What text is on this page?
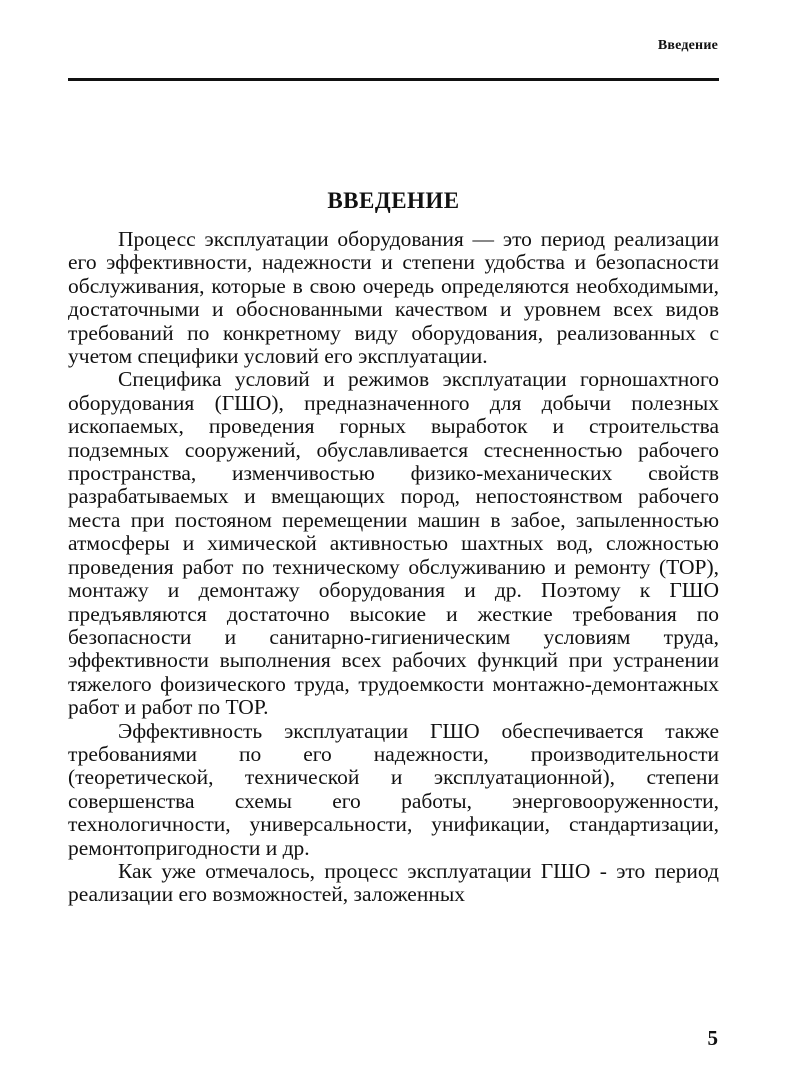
Введение
ВВЕДЕНИЕ

Процесс эксплуатации оборудования — это период реализации его эффективности, надежности и степени удобства и безопасности обслуживания, которые в свою очередь определяются необходимыми, достаточными и обоснованными качеством и уровнем всех видов требований по конкретному виду оборудования, реализованных с учетом специфики условий его эксплуатации.

Специфика условий и режимов эксплуатации горношахтного оборудования (ГШО), предназначенного для добычи полезных ископаемых, проведения горных выработок и строительства подземных сооружений, обуславливается стесненностью рабочего пространства, изменчивостью физико-механических свойств разрабатываемых и вмещающих пород, непостоянством рабочего места при постояном перемещении машин в забое, запыленностью атмосферы и химической активностью шахтных вод, сложностью проведения работ по техническому обслуживанию и ремонту (ТОР), монтажу и демонтажу оборудования и др. Поэтому к ГШО предъявляются достаточно высокие и жесткие требования по безопасности и санитарно-гигиеническим условиям труда, эффективности выполнения всех рабочих функций при устранении тяжелого фоизического труда, трудоемкости монтажно-демонтажных работ и работ по ТОР.

Эффективность эксплуатации ГШО обеспечивается также требованиями по его надежности, производительности (теоретической, технической и эксплуатационной), степени совершенства схемы его работы, энерговооруженности, технологичности, универсальности, унификации, стандартизации, ремонтопригодности и др.

Как уже отмечалось, процесс эксплуатации ГШО - это период реализации его возможностей, заложенных

5
